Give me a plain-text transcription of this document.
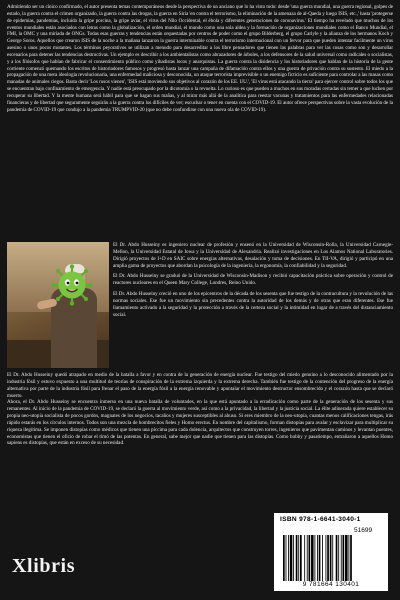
Admitiendo ser un cínico confirmado, el autor presenta temas contemporáneos desde la perspectiva de un anciano que lo ha visto todo: desde 'una guerra mundial, una guerra regional, golpes de estado, la guerra contra el crimen organizado, la guerra contra las drogas, la guerra en Siria 'en contra el terrorismo, la eliminación de la amenaza de al-Qaeda y luego ISIS, etc.,' hasta 'protegerse de epidemias, pandemias, incluida la gripe porcina, la gripe aviar, el virus del Nilo Occidental, el ébola y diferentes generaciones de coronavirus.' El tiempo ha revelado que muchos de los eventos mundiales están asociados con letras como la globalización, el orden mundial, el mundo como una sola aldea y la formación de organizaciones mundiales como el Banco Mundial, el FMI, la OMC y una miríada de ONGs. Todas esas guerras y tendencias están orquestadas por centros de poder como el grupo Bilderberg, el grupo Carlyle y la alianza de los hermanos Koch y George Soros. Aquellos que crearon ISIS de la noche a la mañana lanzaron la guerra interminable contra el terrorismo internacional con un fervor para que pueden intentar facilmente un virus asesino o unos pocos mutantes. Los términos peyorativos se utilizan a menudo para desacreditar a los libre pensadores que tienen las palabras para ver las cosas como son y desarrollar escenarios para detener las tendencias destructivas. Un ejemplo es describir a los ambientalistas como abrazadores de árboles, a los defensores de la salud universal como radicales o socialistas, y a los filósofos que hablan de fabricar el consentimiento público como yihadistas locos y anarquistas. La guerra contra la disidencia y los historiadores que hablan de la historia de la gente corriente comenzó quemando los escritos de historiadores famosos y progresó hasta lanzar una campaña de difamación contra ellos y una guerra de privación contra su sustento. El miedo a la propagación de una mera ideología revolucionaria, una enfermedad maliciosa y desconocida, un ataque terrorista imprevisible o un enemigo ficticio es suficiente para controlar a las masas como manadas de animales ciegos. Basta decir 'Los rusos vienen', 'ISIS está moviendo sus objetivos al corazón de los EE. UU.', 'El virus está atacando la tierra' para ejercer control sobre todos los que se encuentran bajo confinamiento de emergencia. Y nadie está preocupado por la dicotomía o la revuelta. Lo curioso es que pueden a muchos en sus moradas cerradas sin temer a que luchen por recuperar su libertad. Y la mente humana será hábil para que se hagan sus mañas, y al mirar más allá de la analítica para reestar vacunas y tratamientos para las enfermedades relacionadas financieras y de libertad que seguramente seguirán a la guerra contra los difíciles de ver; escuchar o tener en cuenta con el COVID-19. El autor ofrece perspectivas sobre la vasta evolución de la pandemia de COVID-19 que condujo a la pandemia TRUMPVID-20 (que no debe confundirse con una nueva ola de COVID-19).

El Dr. Abdo Husseiny es ingeniero nuclear de profesión y ensenó en la Universidad de Wisconsin-Rolla, la Universidad Carnegie-Mellon, la Universidad Estatal de Iowa y la Universidad de Alexandria. Realizó investigaciones en Los Alamos National Laboratories. Dirigió proyectos de I+D en SAIC sobre energías alternativas, desalación y toma de decisiones. En TII-VA, dirigió y participó en una amplia gama de proyectos que abordan la psicología de la ingeniería, la ergonomía, la confiabilidad y la seguridad.

El Dr. Abdo Husseiny se graduó de la Universidad de Wisconsin-Madison y recibió capacitación práctica sobre operación y control de reactores nucleares en el Queen Mary College, Londres, Reino Unido.

El Dr. Abdo Husseiny creció en uno de los epicentros de la década de los sesenta que fue testigo de la contracultura y la revolución de las normas sociales. Ese fue un movimiento sin precedentes contra la autoridad de los demás y de otras que eran diferentes. Ese fue llamamiento activado a la seguridad y la protección a través de la certeza social y la intimidad en lugar de a través del distanciamiento social.

El Dr. Abdo Husseiny quedó atrapado en medio de la batalla a favor y en contra de la generación de energía nuclear. Fue testigo del miedo genuino a lo desconocido alimentado por la industria fósil y estuvo expuesto a una multitud de teorías de conspiración de la extrema izquierda y la extrema derecha. También fue testigo de la contención del progreso de la energía alternativa por parte de la industria fósil para frenar el paso de la energía fósil a la energía renovable y apuntalar el movimiento destructor ensombrecido y el corazón hasta que se declaró muerto.

Ahora, el Dr. Abdo Husseiny se encuentra inmerso en una nueva batalla de voluntades, en la que está apuntado a la erradicación como parte de la generación de los sesenta y sus remanentes. Al inicio de la pandemia de COVID-19, se declaró la guerra al movimiento verde, así como a la privacidad, la libertad y la justicia social. La élite adinerada quiere establecer su propia neo-utopía socialista de pocos gordos, magnates de los negocios, tacaños y mujeres susceptibles al abuso. Si eres miembro de la neo-utopía, cuantas menos calificaciones tengas, irás rápido estarás en los círculos internos. Todos son una mezcla de hombrecitos fieles y Homo erectus. En nombre del capitalismo, forman distopías para avalar y esclavizar para multiplicar su riqueza ilegítima. Se imponen distopías como médicos que tienen una píccima para cada dolencia, arquitectos que construyen torres, ingenieros que pavimentan caminos y levantan puentes, economistas que tienen el oficio de robar el timó de las potentas. En general, sabe mejor que nadie que tienen para las distopías. Como hobby y pasatiempo, entrañaron a aquellos Homo sapiens es distopías, que están en exceso de su necesidad.

Xlibris
ISBN 978-1-6641-3040-1
51699
9 781664 130401
